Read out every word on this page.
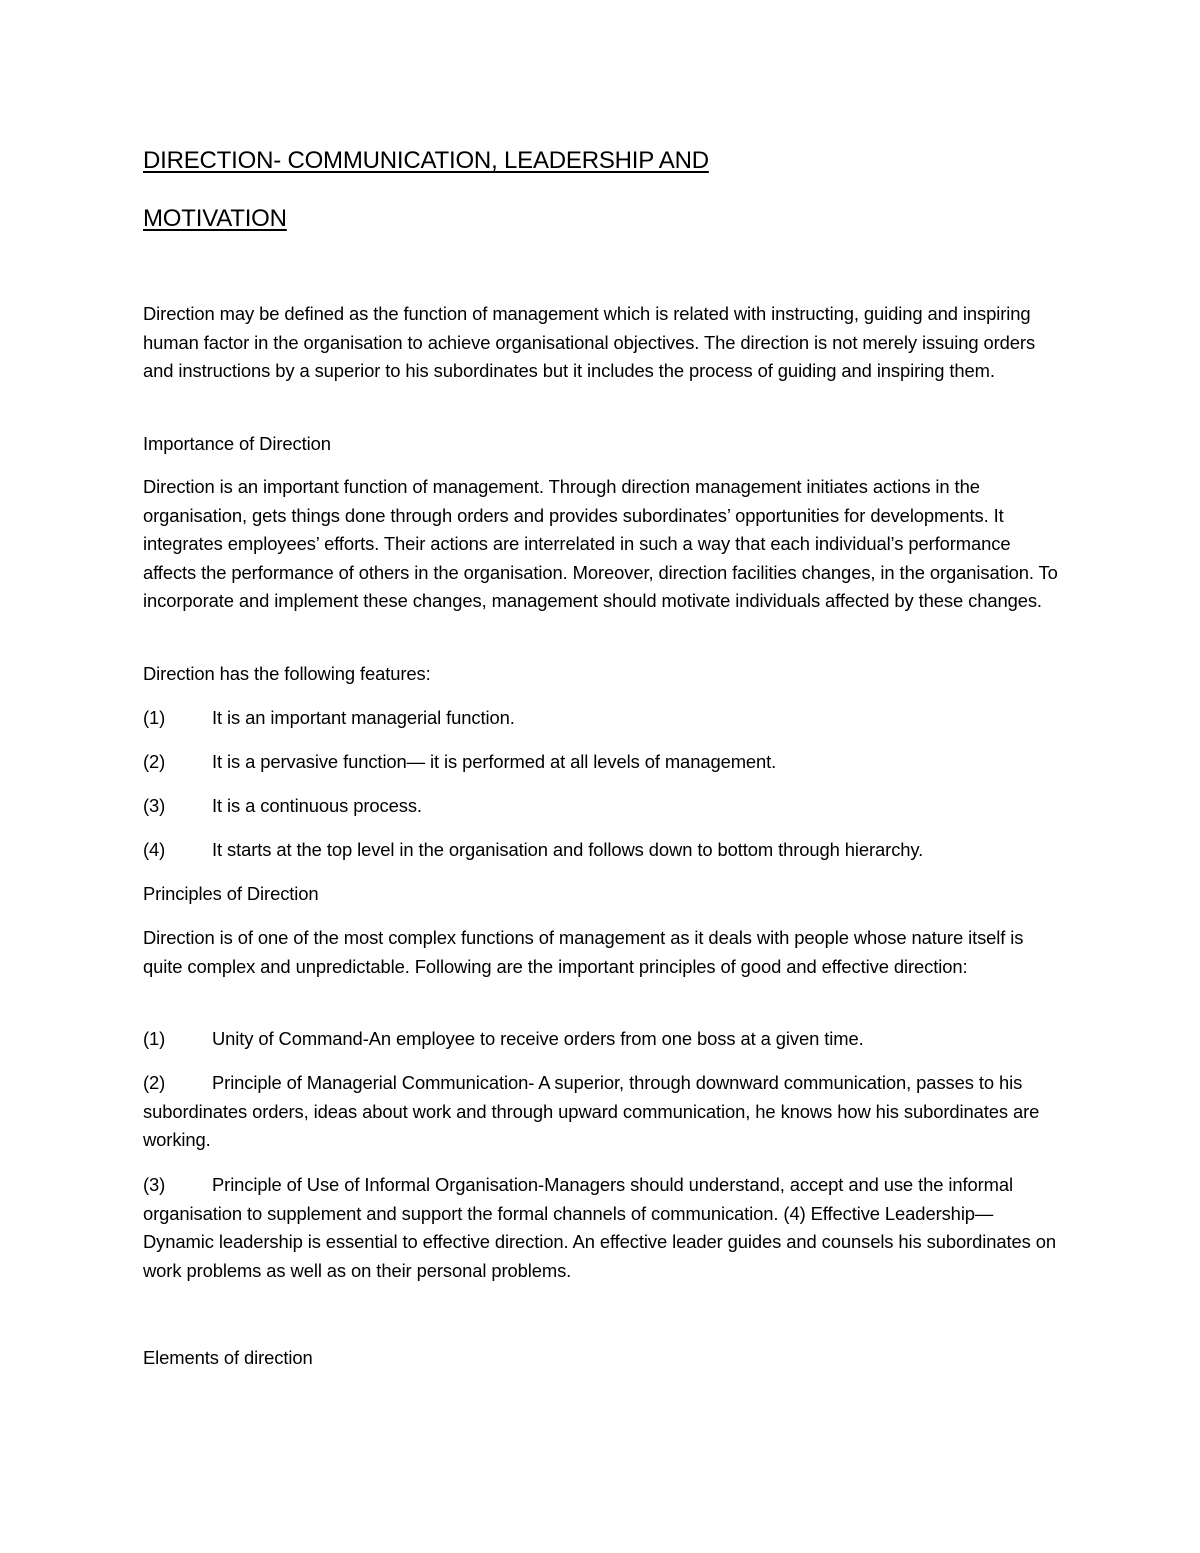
DIRECTION- COMMUNICATION, LEADERSHIP AND
MOTIVATION
Direction may be defined as the function of management which is related with instructing, guiding and inspiring human factor in the organisation to achieve organisational objectives. The direction is not merely issuing orders and instructions by a superior to his subordinates but it includes the process of guiding and inspiring them.
Importance of Direction
Direction is an important function of management. Through direction management initiates actions in the organisation, gets things done through orders and provides subordinates’ opportunities for developments. It integrates employees’ efforts. Their actions are interrelated in such a way that each individual’s performance affects the performance of others in the organisation. Moreover, direction facilities changes, in the organisation. To incorporate and implement these changes, management should motivate individuals affected by these changes.
Direction has the following features:
(1)	It is an important managerial function.
(2)	It is a pervasive function— it is performed at all levels of management.
(3)	It is a continuous process.
(4)	It starts at the top level in the organisation and follows down to bottom through hierarchy.
Principles of Direction
Direction is of one of the most complex functions of management as it deals with people whose nature itself is quite complex and unpredictable. Following are the important principles of good and effective direction:
(1)	Unity of Command-An employee to receive orders from one boss at a given time.
(2)	Principle of Managerial Communication- A superior, through downward communication, passes to his subordinates orders, ideas about work and through upward communication, he knows how his subordinates are working.
(3)	Principle of Use of Informal Organisation-Managers should understand, accept and use the informal organisation to supplement and support the formal channels of communication. (4) Effective Leadership—Dynamic leadership is essential to effective direction. An effective leader guides and counsels his subordinates on work problems as well as on their personal problems.
Elements of direction
